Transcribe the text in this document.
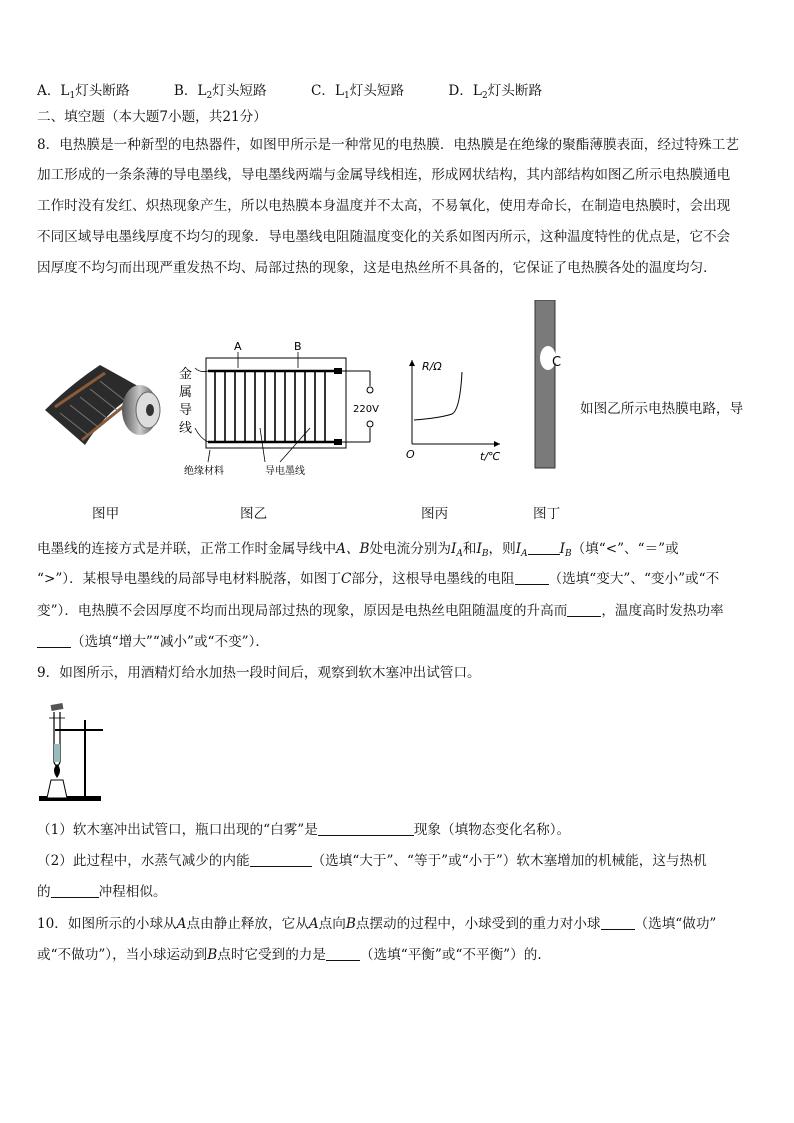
A．$L_1$灯头断路	B．$L_2$灯头短路	C．$L_1$灯头短路	D．$L_2$灯头断路
二、填空题（本大题7小题，共21分）
8．电热膜是一种新型的电热器件，如图甲所示是一种常见的电热膜．电热膜是在绝缘的聚酯薄膜表面，经过特殊工艺
加工形成的一条条薄的导电墨线，导电墨线两端与金属导线相连，形成网状结构，其内部结构如图乙所示电热膜通电
工作时没有发红、炽热现象产生，所以电热膜本身温度并不太高，不易氧化，使用寿命长，在制造电热膜时，会出现
不同区域导电墨线厚度不均匀的现象．导电墨线电阻随温度变化的关系如图丙所示，这种温度特性的优点是，它不会
因厚度不均匀而出现严重发热不均、局部过热的现象，这是电热丝所不具备的，它保证了电热膜各处的温度均匀．
A	B
220V
金
属
导
线
绝缘材料	导电墨线
R/Ω
O	t/℃
C
如图乙所示电热膜电路，导
图甲	图乙	图丙	图丁
电墨线的连接方式是并联，正常工作时金属导线中A、B处电流分别为$I_A$和$I_B$，则$I_A$ $I_B$（填“<”、“＝”或
“>”）．某根导电墨线的局部导电材料脱落，如图丁C部分，这根导电墨线的电阻	（选填“变大”、“变小”或“不
变”）．电热膜不会因厚度不均而出现局部过热的现象，原因是电热丝电阻随温度的升高而	，温度高时发热功率
（选填“增大”“减小”或“不变”）．
9．如图所示，用酒精灯给水加热一段时间后，观察到软木塞冲出试管口。
（1）软木塞冲出试管口，瓶口出现的“白雾”是	现象（填物态变化名称）。
（2）此过程中，水蒸气减少的内能	（选填“大于”、“等于”或“小于”）软木塞增加的机械能，这与热机
的	冲程相似。
10．如图所示的小球从A点由静止释放，它从A点向B点摆动的过程中，小球受到的重力对小球	（选填“做功”
或“不做功”），当小球运动到B点时它受到的力是	（选填“平衡”或“不平衡”）的.
